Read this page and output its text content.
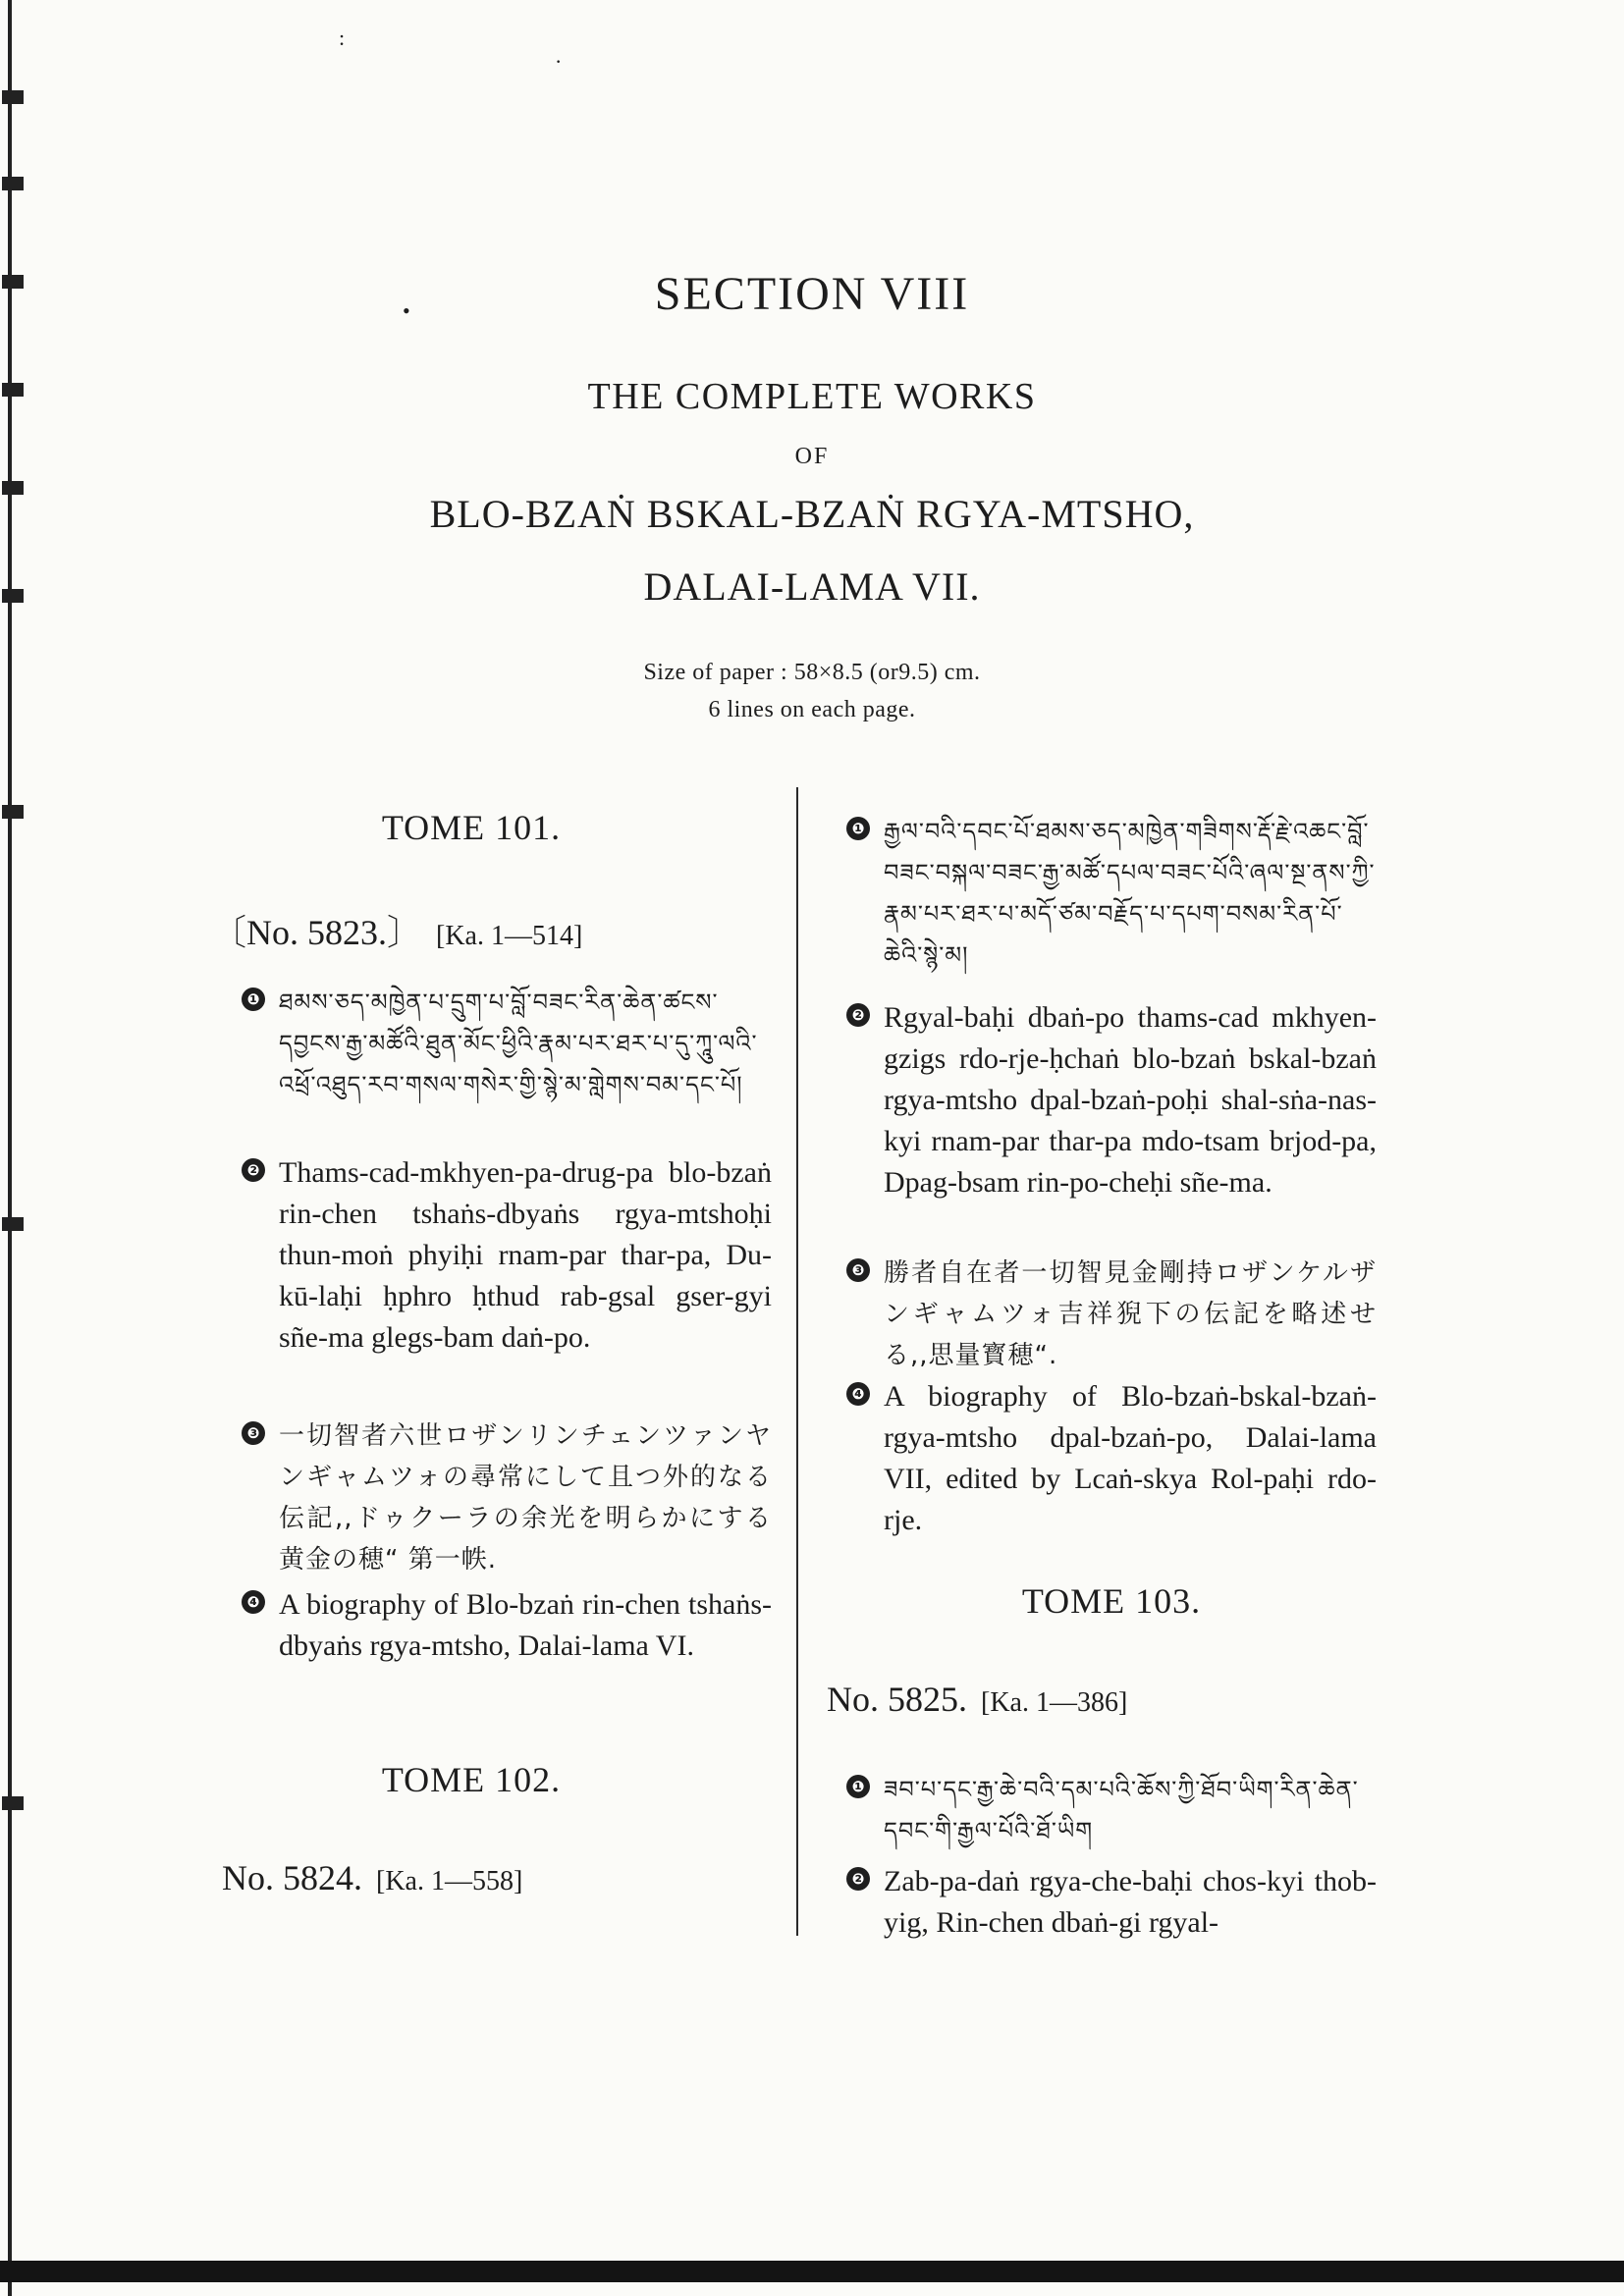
:
·
•	SECTION VIII
THE COMPLETE WORKS
OF
BLO-BZAṄ BSKAL-BZAṄ RGYA-MTSHO,
DALAI-LAMA VII.
Size of paper : 58×8.5 (or9.5) cm.
6 lines on each page.
TOME 101.
〔No. 5823.〕 [Ka. 1—514]
❶ ཐམས་ཅད་མཁྱེན་པ་དྲུག་པ་བློ་བཟང་རིན་ཆེན་ཚངས་དབྱངས་རྒྱ་མཚོའི་ཐུན་མོང་ཕྱིའི་རྣམ་པར་ཐར་པ་དུ་ཀཱུ་ལའི་འཕྲོ་འཐུད་རབ་གསལ་གསེར་གྱི་སྙེ་མ་གླེགས་བམ་དང་པོ།
❷ Thams-cad-mkhyen-pa-drug-pa blo-bzaṅ rin-chen tshaṅs-dbyaṅs rgya-mtshoḥi thun-moṅ phyiḥi rnam-par thar-pa, Du-kū-laḥi ḥphro ḥthud rab-gsal gser-gyi sñe-ma glegs-bam daṅ-po.
❸ 一切智者六世ロザンリンチェンツァンヤンギャムツォの尋常にして且つ外的なる伝記,,ドゥクーラの余光を明らかにする黄金の穂“ 第一帙.
❹ A biography of Blo-bzaṅ rin-chen tshaṅs-dbyaṅs rgya-mtsho, Dalai-lama VI.
TOME 102.
No. 5824. [Ka. 1—558]
❶ རྒྱལ་བའི་དབང་པོ་ཐམས་ཅད་མཁྱེན་གཟིགས་རྡོ་རྗེ་འཆང་བློ་བཟང་བསྐལ་བཟང་རྒྱ་མཚོ་དཔལ་བཟང་པོའི་ཞལ་སྔ་ནས་ཀྱི་རྣམ་པར་ཐར་པ་མདོ་ཙམ་བརྗོད་པ་དཔག་བསམ་རིན་པོ་ཆེའི་སྙེ་མ།
❷ Rgyal-baḥi dbaṅ-po thams-cad mkhyen-gzigs rdo-rje-ḥchaṅ blo-bzaṅ bskal-bzaṅ rgya-mtsho dpal-bzaṅ-poḥi shal-sṅa-nas-kyi rnam-par thar-pa mdo-tsam brjod-pa, Dpag-bsam rin-po-cheḥi sñe-ma.
❸ 勝者自在者一切智見金剛持ロザンケルザンギャムツォ吉祥猊下の伝記を略述せる,,思量寳穂“.
❹ A biography of Blo-bzaṅ-bskal-bzaṅ-rgya-mtsho dpal-bzaṅ-po, Dalai-lama VII, edited by Lcaṅ-skya Rol-paḥi rdo-rje.
TOME 103.
No. 5825. [Ka. 1—386]
❶ ཟབ་པ་དང་རྒྱ་ཆེ་བའི་དམ་པའི་ཆོས་ཀྱི་ཐོབ་ཡིག་རིན་ཆེན་དབང་གི་རྒྱལ་པོའི་ཐོ་ཡིག
❷ Zab-pa-daṅ rgya-che-baḥi chos-kyi thob-yig, Rin-chen dbaṅ-gi rgyal-
